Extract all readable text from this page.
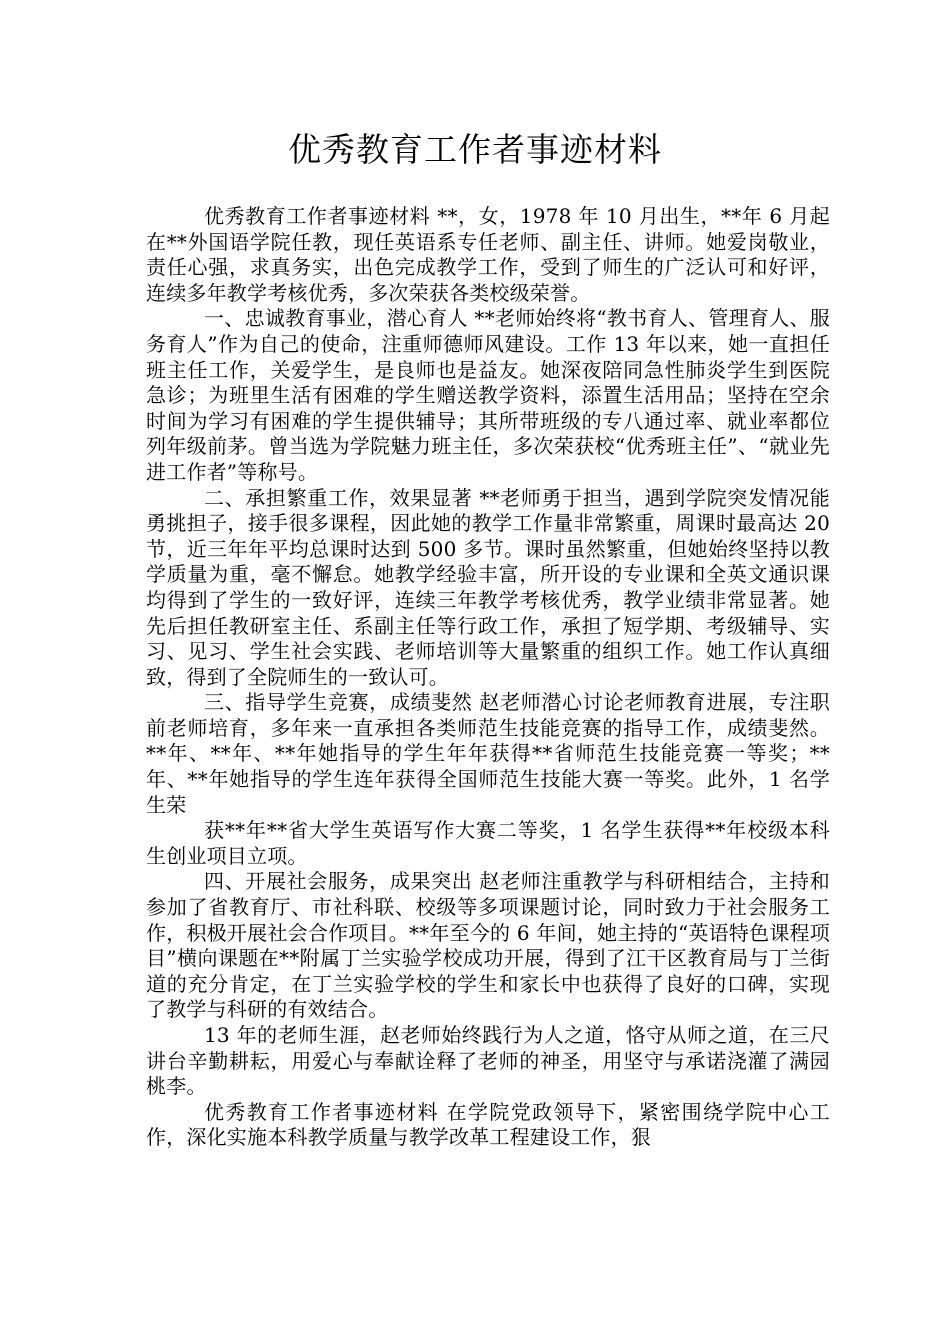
优秀教育工作者事迹材料

优秀教育工作者事迹材料 **，女，1978 年 10 月出生，**年 6 月起在**外国语学院任教，现任英语系专任老师、副主任、讲师。她爱岗敬业，责任心强，求真务实，出色完成教学工作，受到了师生的广泛认可和好评，连续多年教学考核优秀，多次荣获各类校级荣誉。

一、忠诚教育事业，潜心育人 **老师始终将“教书育人、管理育人、服务育人”作为自己的使命，注重师德师风建设。工作 13 年以来，她一直担任班主任工作，关爱学生，是良师也是益友。她深夜陪同急性肺炎学生到医院急诊；为班里生活有困难的学生赠送教学资料，添置生活用品；坚持在空余时间为学习有困难的学生提供辅导；其所带班级的专八通过率、就业率都位列年级前茅。曾当选为学院魅力班主任，多次荣获校“优秀班主任”、“就业先进工作者”等称号。

二、承担繁重工作，效果显著 **老师勇于担当，遇到学院突发情况能勇挑担子，接手很多课程，因此她的教学工作量非常繁重，周课时最高达 20 节，近三年年平均总课时达到 500 多节。课时虽然繁重，但她始终坚持以教学质量为重，毫不懈怠。她教学经验丰富，所开设的专业课和全英文通识课均得到了学生的一致好评，连续三年教学考核优秀，教学业绩非常显著。她先后担任教研室主任、系副主任等行政工作，承担了短学期、考级辅导、实习、见习、学生社会实践、老师培训等大量繁重的组织工作。她工作认真细致，得到了全院师生的一致认可。

三、指导学生竞赛，成绩斐然 赵老师潜心讨论老师教育进展，专注职前老师培育，多年来一直承担各类师范生技能竞赛的指导工作，成绩斐然。**年、**年、**年她指导的学生年年获得**省师范生技能竞赛一等奖；**年、**年她指导的学生连年获得全国师范生技能大赛一等奖。此外，1 名学生荣

获**年**省大学生英语写作大赛二等奖，1 名学生获得**年校级本科生创业项目立项。

四、开展社会服务，成果突出 赵老师注重教学与科研相结合，主持和参加了省教育厅、市社科联、校级等多项课题讨论，同时致力于社会服务工作，积极开展社会合作项目。**年至今的 6 年间，她主持的“英语特色课程项目”横向课题在**附属丁兰实验学校成功开展，得到了江干区教育局与丁兰街道的充分肯定，在丁兰实验学校的学生和家长中也获得了良好的口碑，实现了教学与科研的有效结合。

13 年的老师生涯，赵老师始终践行为人之道，恪守从师之道，在三尺讲台辛勤耕耘，用爱心与奉献诠释了老师的神圣，用坚守与承诺浇灌了满园桃李。

优秀教育工作者事迹材料 在学院党政领导下，紧密围绕学院中心工作，深化实施本科教学质量与教学改革工程建设工作，狠
